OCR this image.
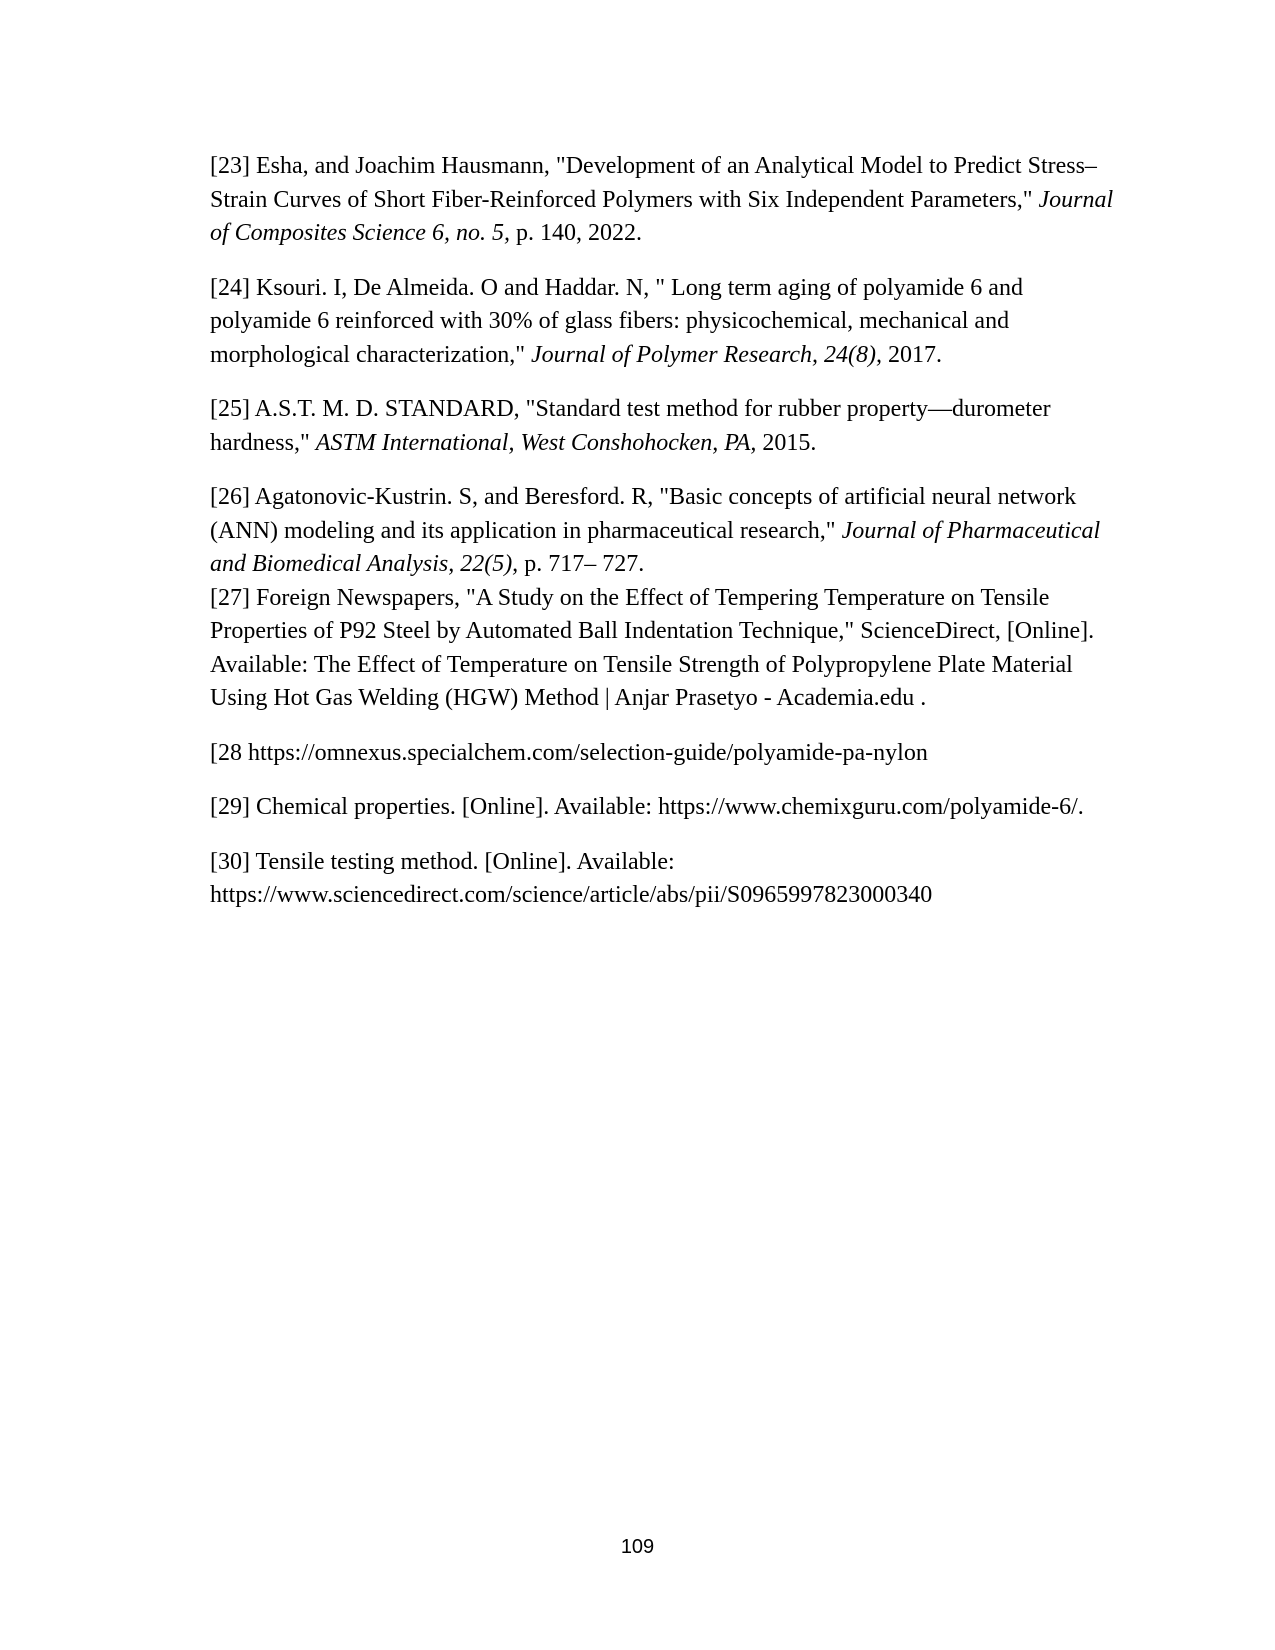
[23] Esha, and Joachim Hausmann, "Development of an Analytical Model to Predict Stress–Strain Curves of Short Fiber-Reinforced Polymers with Six Independent Parameters," Journal of Composites Science 6, no. 5, p. 140, 2022.

[24] Ksouri. I, De Almeida. O and Haddar. N, " Long term aging of polyamide 6 and polyamide 6 reinforced with 30% of glass fibers: physicochemical, mechanical and morphological characterization," Journal of Polymer Research, 24(8), 2017.

[25] A.S.T. M. D. STANDARD, "Standard test method for rubber property—durometer hardness," ASTM International, West Conshohocken, PA, 2015.

[26] Agatonovic-Kustrin. S, and Beresford. R, "Basic concepts of artificial neural network (ANN) modeling and its application in pharmaceutical research," Journal of Pharmaceutical and Biomedical Analysis, 22(5), p. 717– 727.

[27] Foreign Newspapers, "A Study on the Effect of Tempering Temperature on Tensile Properties of P92 Steel by Automated Ball Indentation Technique," ScienceDirect, [Online]. Available: The Effect of Temperature on Tensile Strength of Polypropylene Plate Material Using Hot Gas Welding (HGW) Method | Anjar Prasetyo - Academia.edu .

[28 https://omnexus.specialchem.com/selection-guide/polyamide-pa-nylon

[29] Chemical properties. [Online]. Available: https://www.chemixguru.com/polyamide-6/.

[30] Tensile testing method. [Online]. Available: https://www.sciencedirect.com/science/article/abs/pii/S0965997823000340

109
